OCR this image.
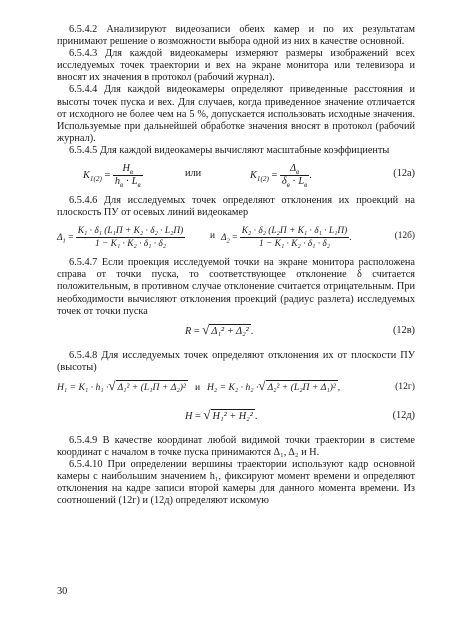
6.5.4.2 Анализируют видеозаписи обеих камер и по их результатам принимают решение о возможности выбора одной из них в качестве основной.

6.5.4.3 Для каждой видеокамеры измеряют размеры изображений всех исследуемых точек траектории и вех на экране монитора или телевизора и вносят их значения в протокол (рабочий журнал).

6.5.4.4 Для каждой видеокамеры определяют приведенные расстояния и высоты точек пуска и вех. Для случаев, когда приведенное значение отличается от исходного не более чем на 5 %, допускается использовать исходные значения. Используемые при дальнейшей обработке значения вносят в протокол (рабочий журнал).

6.5.4.5 Для каждой видеокамеры вычисляют масштабные коэффициенты

$K_{1(2)} = \frac{H_в}{h_в \cdot L_в}$	или	$K_{1(2)} = \frac{\Delta_в}{\delta_в \cdot L_в}$ .	(12а)

6.5.4.6 Для исследуемых точек определяют отклонения их проекций на плоскость ПУ от осевых линий видеокамер

$\Delta_1 = \frac{\text{K₁ · δ₁ (L₁П + K₂ · δ₂ · L₂П)}}{\text{1 − K₁ · K₂ · δ₁ · δ₂}}$	и $\Delta_2 = \frac{\text{K₂ · δ₂ (L₂П + K₁ · δ₁ · L₁П)}}{\text{1 − K₁ · K₂ · δ₁ · δ₂}}$ .	(12б)

6.5.4.7 Если проекция исследуемой точки на экране монитора расположена справа от точки пуска, то соответствующее отклонение δ считается положительным, в противном случае отклонение считается отрицательным. При необходимости вычисляют отклонения проекций (радиус разлета) исследуемых точек от точки пуска

R = √ Δ₁² + Δ₂² .	(12в)

6.5.4.8 Для исследуемых точек определяют отклонения их от плоскости ПУ (высоты)

H₁ = K₁ · h₁ ·√ Δ₁² + (L₁П + Δ₂)² и H₂ = K₂ · h₂ ·√ Δ₂² + (L₂П + Δ₁)² ,	(12г)
H = √ H₁² + H₂² .	(12д)

6.5.4.9 В качестве координат любой видимой точки траектории в системе координат с началом в точке пуска принимаются Δ₁, Δ₂ и H.

6.5.4.10 При определении вершины траектории используют кадр основной камеры с наибольшим значением h₁, фиксируют момент времени и определяют отклонения на кадре записи второй камеры для данного момента времени. Из соотношений (12г) и (12д) определяют искомую

30
